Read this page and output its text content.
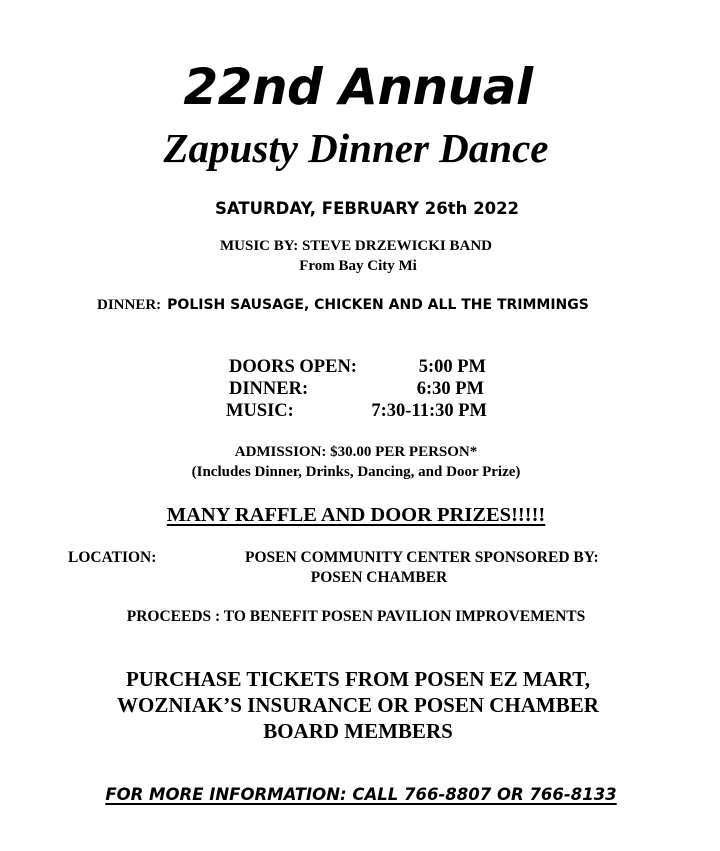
22nd Annual
Zapusty Dinner Dance
SATURDAY, FEBRUARY 26th 2022
MUSIC BY: STEVE DRZEWICKI BAND
From Bay City Mi
DINNER: POLISH SAUSAGE, CHICKEN AND ALL THE TRIMMINGS
DOORS OPEN:	5:00 PM
DINNER:	6:30 PM
MUSIC:	7:30-11:30 PM
ADMISSION: $30.00 PER PERSON*
(Includes Dinner, Drinks, Dancing, and Door Prize)
MANY RAFFLE AND DOOR PRIZES!!!!!
LOCATION:	POSEN COMMUNITY CENTER SPONSORED BY:
POSEN CHAMBER
PROCEEDS : TO BENEFIT POSEN PAVILION IMPROVEMENTS
PURCHASE TICKETS FROM POSEN EZ MART,
WOZNIAK’S INSURANCE OR POSEN CHAMBER
BOARD MEMBERS
FOR MORE INFORMATION: CALL 766-8807 OR 766-8133
